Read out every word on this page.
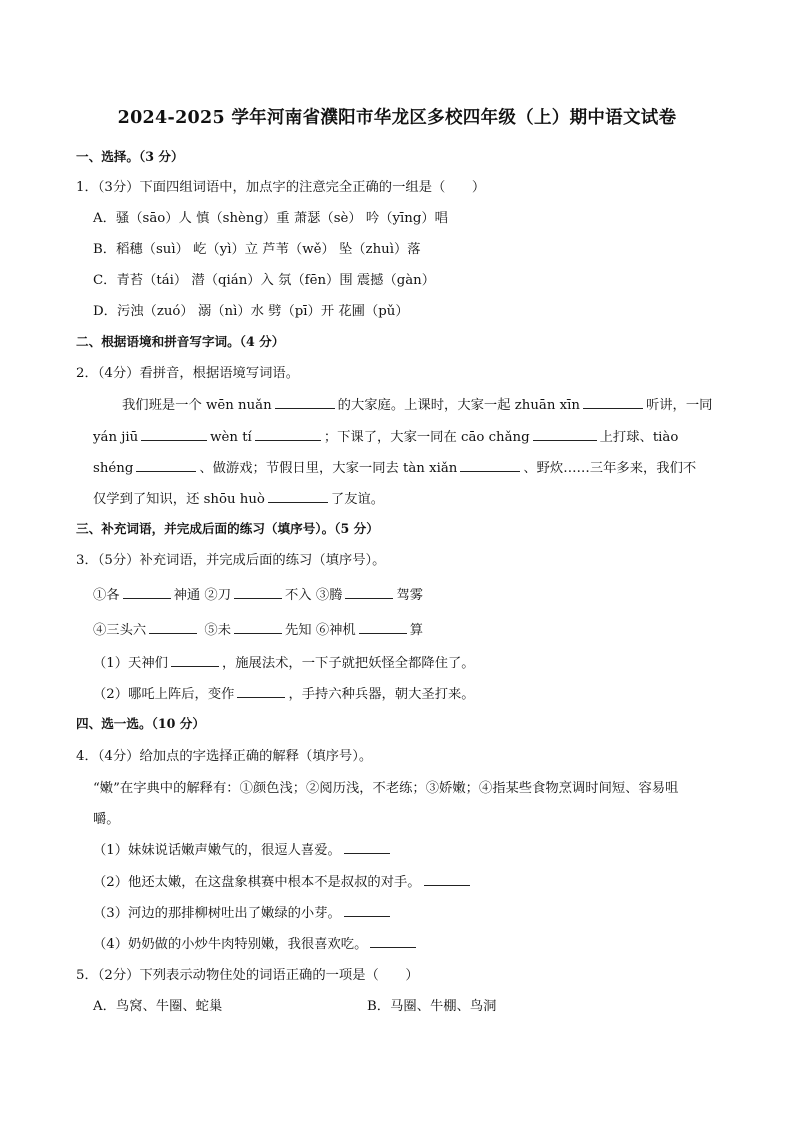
2024-2025 学年河南省濮阳市华龙区多校四年级（上）期中语文试卷
一、选择。（3 分）
1．（3分）下面四组词语中，加点字的注意完全正确的一组是（　　）
A．骚（sāo）人 慎（shèng）重 萧瑟（sè） 吟（yīng）唱
B．稻穗（suì） 屹（yì）立 芦苇（wě） 坠（zhuì）落
C．青苔（tái） 潜（qián）入 氛（fēn）围 震撼（gàn）
D．污浊（zuó） 溺（nì）水 劈（pī）开 花圃（pǔ）
二、根据语境和拼音写字词。（4 分）
2．（4分）看拼音，根据语境写词语。
我们班是一个 wēn nuǎn	的大家庭。上课时，大家一起 zhuān xīn	听讲，一同
yán jiū	wèn tí	；下课了，大家一同在 cāo chǎng	上打球、tiào
shéng	、做游戏；节假日里，大家一同去 tàn xiǎn	、野炊……三年多来，我们不
仅学到了知识，还 shōu huò	了友谊。
三、补充词语，并完成后面的练习（填序号）。（5 分）
3．（5分）补充词语，并完成后面的练习（填序号）。
①各	神通 ②刀	不入 ③腾	驾雾
④三头六	⑤未	先知 ⑥神机	算
（1）天神们	，施展法术，一下子就把妖怪全都降住了。
（2）哪吒上阵后，变作	，手持六种兵器，朝大圣打来。
四、选一选。（10 分）
4．（4分）给加点的字选择正确的解释（填序号）。
“嫩”在字典中的解释有：①颜色浅；②阅历浅，不老练；③娇嫩；④指某些食物烹调时间短、容易咀
嚼。
（1）妹妹说话嫩声嫩气的，很逗人喜爱。
（2）他还太嫩，在这盘象棋赛中根本不是叔叔的对手。
（3）河边的那排柳树吐出了嫩绿的小芽。
（4）奶奶做的小炒牛肉特别嫩，我很喜欢吃。
5．（2分）下列表示动物住处的词语正确的一项是（　　）
A．鸟窝、牛圈、蛇巢	B．马圈、牛棚、鸟洞
